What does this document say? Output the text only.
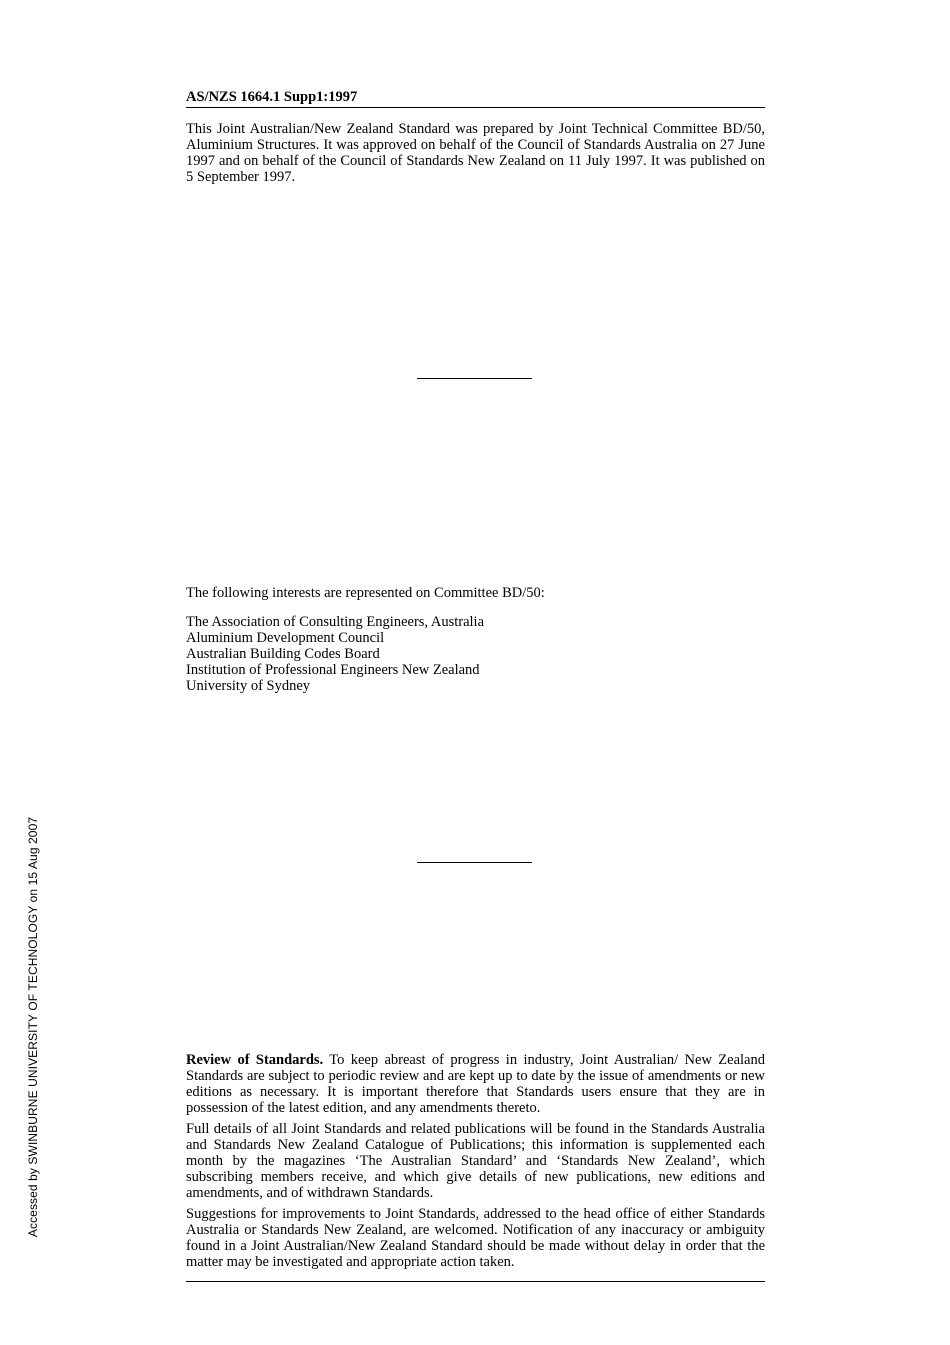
Accessed by SWINBURNE UNIVERSITY OF TECHNOLOGY on 15 Aug 2007
AS/NZS 1664.1 Supp1:1997
This Joint Australian/New Zealand Standard was prepared by Joint Technical Committee BD/50, Aluminium Structures. It was approved on behalf of the Council of Standards Australia on 27 June 1997 and on behalf of the Council of Standards New Zealand on 11 July 1997. It was published on 5 September 1997.
The following interests are represented on Committee BD/50:
The Association of Consulting Engineers, Australia
Aluminium Development Council
Australian Building Codes Board
Institution of Professional Engineers New Zealand
University of Sydney

Review of Standards. To keep abreast of progress in industry, Joint Australian/ New Zealand Standards are subject to periodic review and are kept up to date by the issue of amendments or new editions as necessary. It is important therefore that Standards users ensure that they are in possession of the latest edition, and any amendments thereto.

Full details of all Joint Standards and related publications will be found in the Standards Australia and Standards New Zealand Catalogue of Publications; this information is supplemented each month by the magazines ‘The Australian Standard’ and ‘Standards New Zealand’, which subscribing members receive, and which give details of new publications, new editions and amendments, and of withdrawn Standards.

Suggestions for improvements to Joint Standards, addressed to the head office of either Standards Australia or Standards New Zealand, are welcomed. Notification of any inaccuracy or ambiguity found in a Joint Australian/New Zealand Standard should be made without delay in order that the matter may be investigated and appropriate action taken.
